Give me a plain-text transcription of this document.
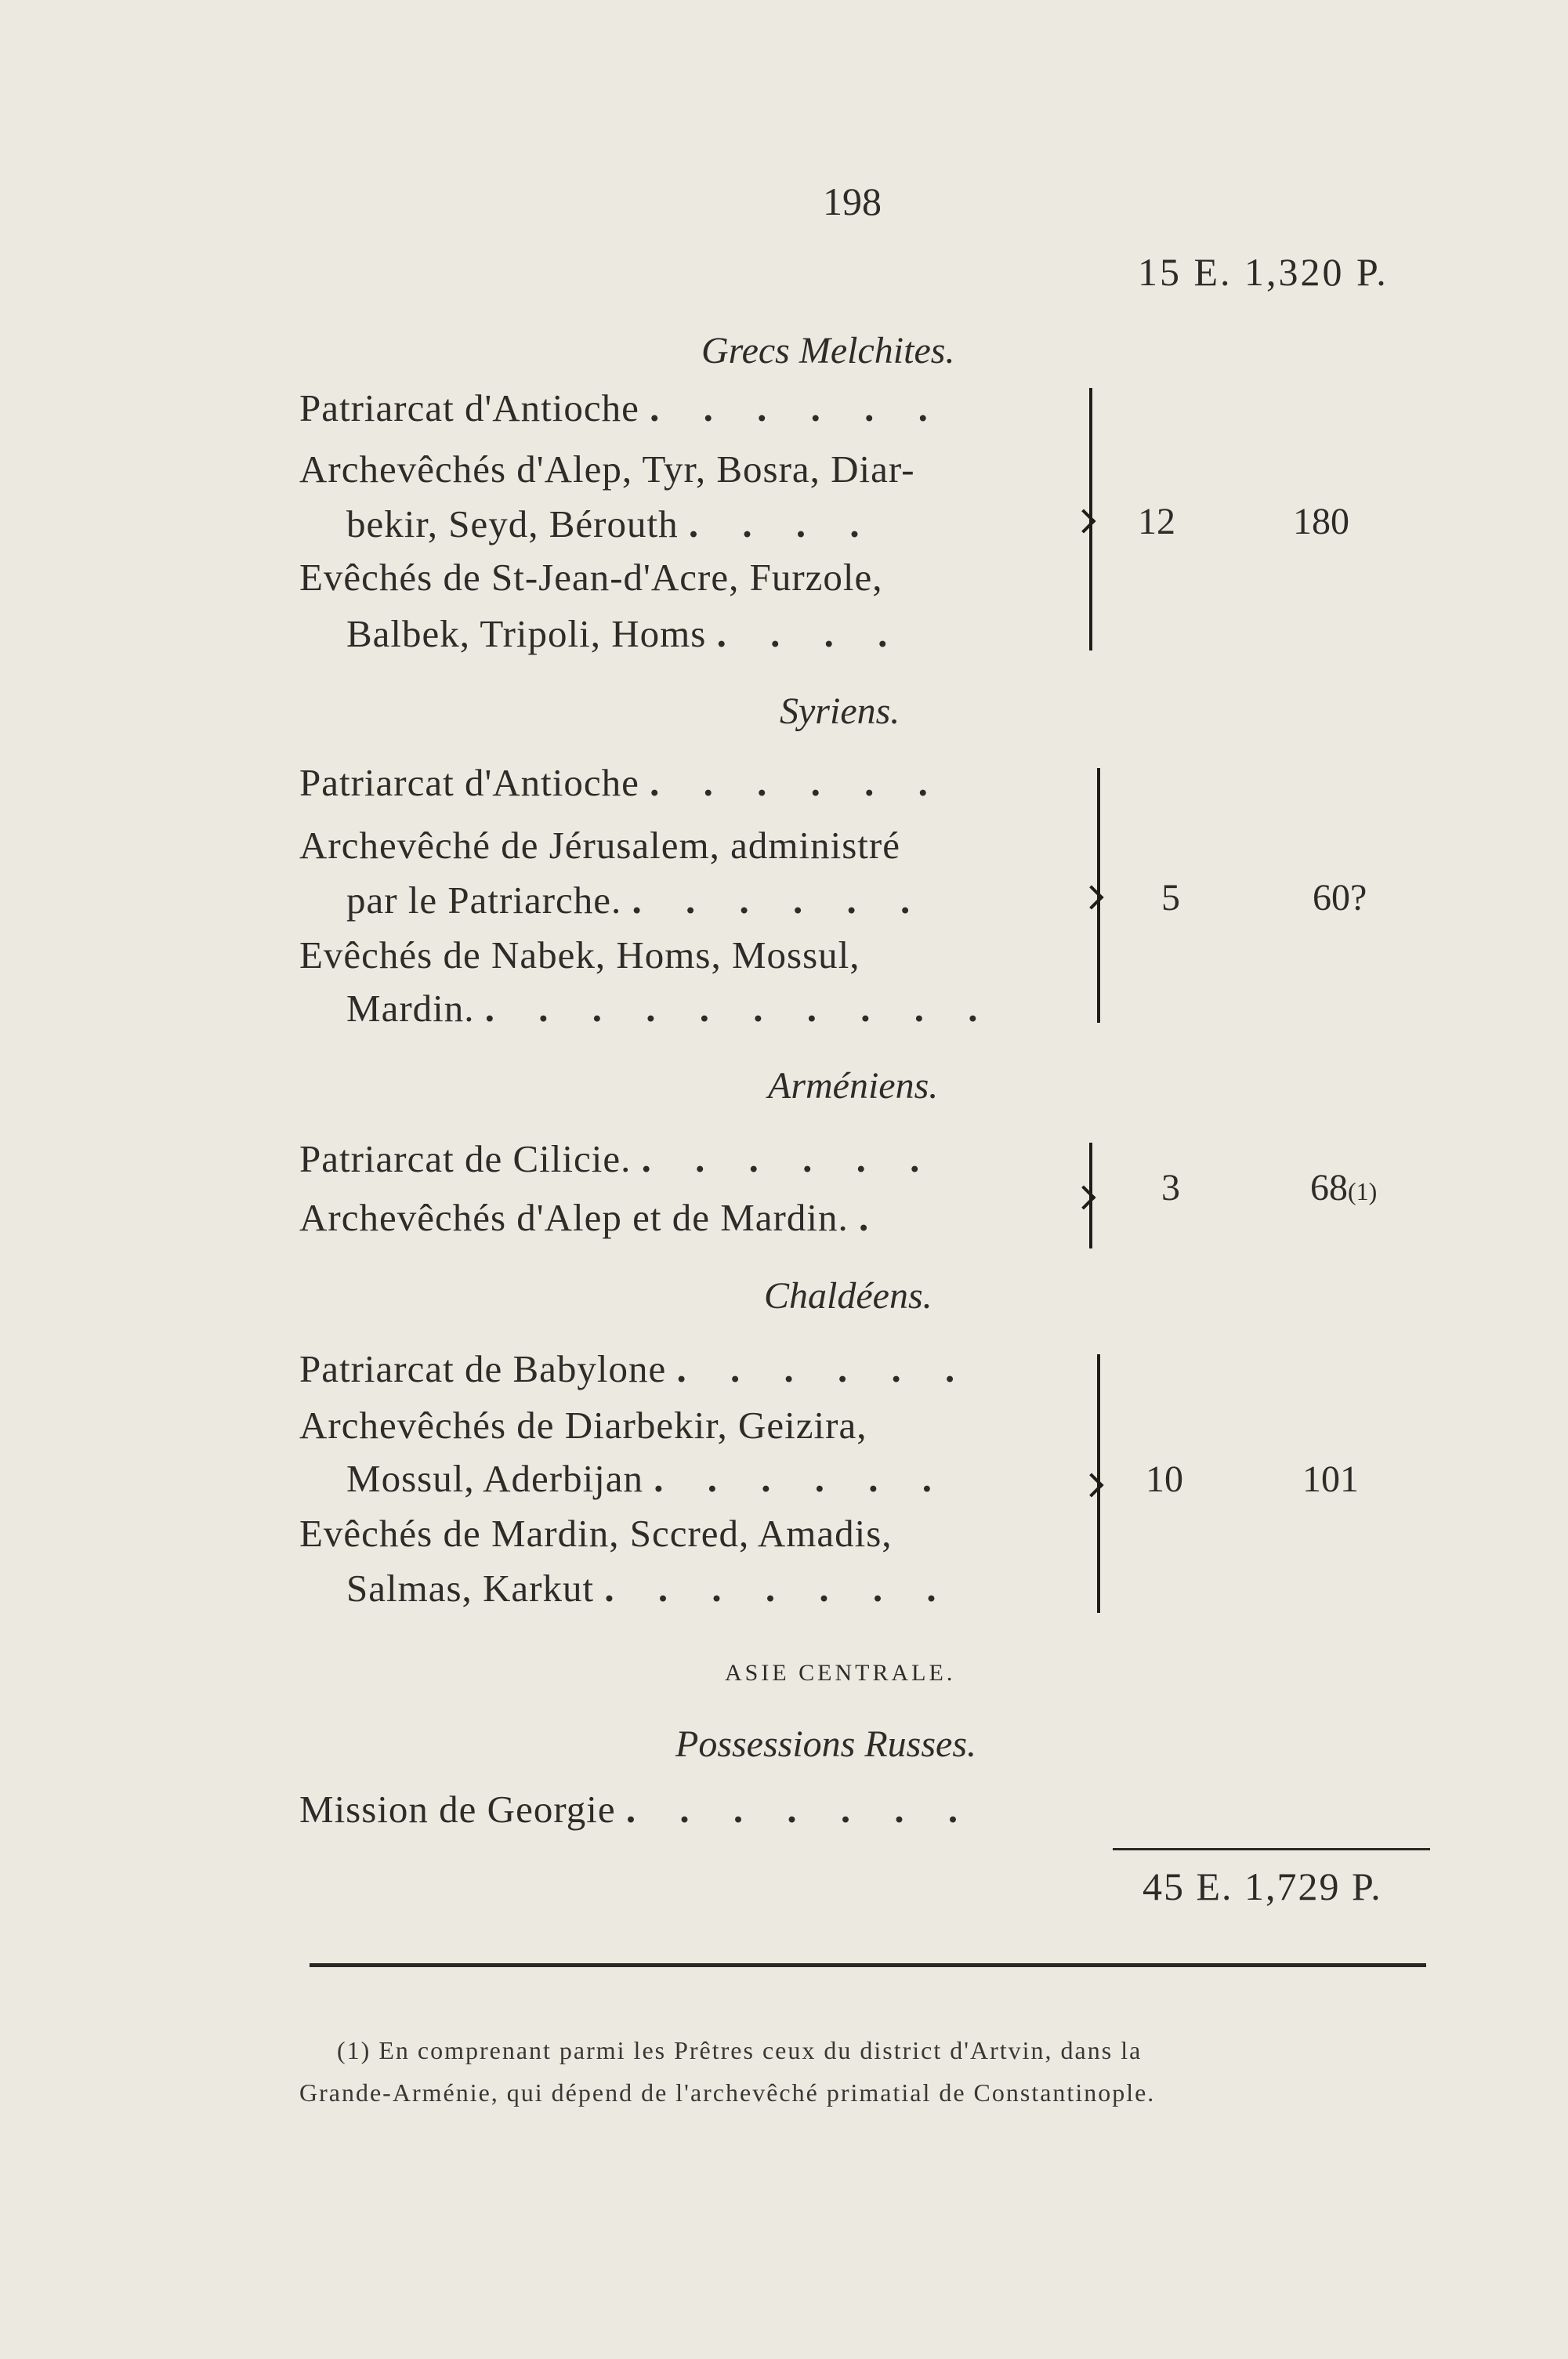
198
15 E. 1,320 P.
Grecs Melchites.
Patriarcat d'Antioche . . . . . .
Archevêchés d'Alep, Tyr, Bosra, Diar-
bekir, Seyd, Bérouth . . . .
Evêchés de St-Jean-d'Acre, Furzole,
Balbek, Tripoli, Homs . . . .
12	180
Syriens.
Patriarcat d'Antioche . . . . . .
Archevêché de Jérusalem, administré
par le Patriarche. . . . . . .
Evêchés de Nabek, Homs, Mossul,
Mardin. . . . . . . . . . .
5	60?
Arméniens.
Patriarcat de Cilicie. . . . . . .
Archevêchés d'Alep et de Mardin. .
3	68(1)
Chaldéens.
Patriarcat de Babylone . . . . . .
Archevêchés de Diarbekir, Geizira,
Mossul, Aderbijan . . . . . .
Evêchés de Mardin, Sccred, Amadis,
Salmas, Karkut . . . . . . .
10	101
ASIE CENTRALE.
Possessions Russes.
Mission de Georgie . . . . . . .
45 E. 1,729 P.
(1) En comprenant parmi les Prêtres ceux du district d'Artvin, dans la
Grande-Arménie, qui dépend de l'archevêché primatial de Constantinople.
